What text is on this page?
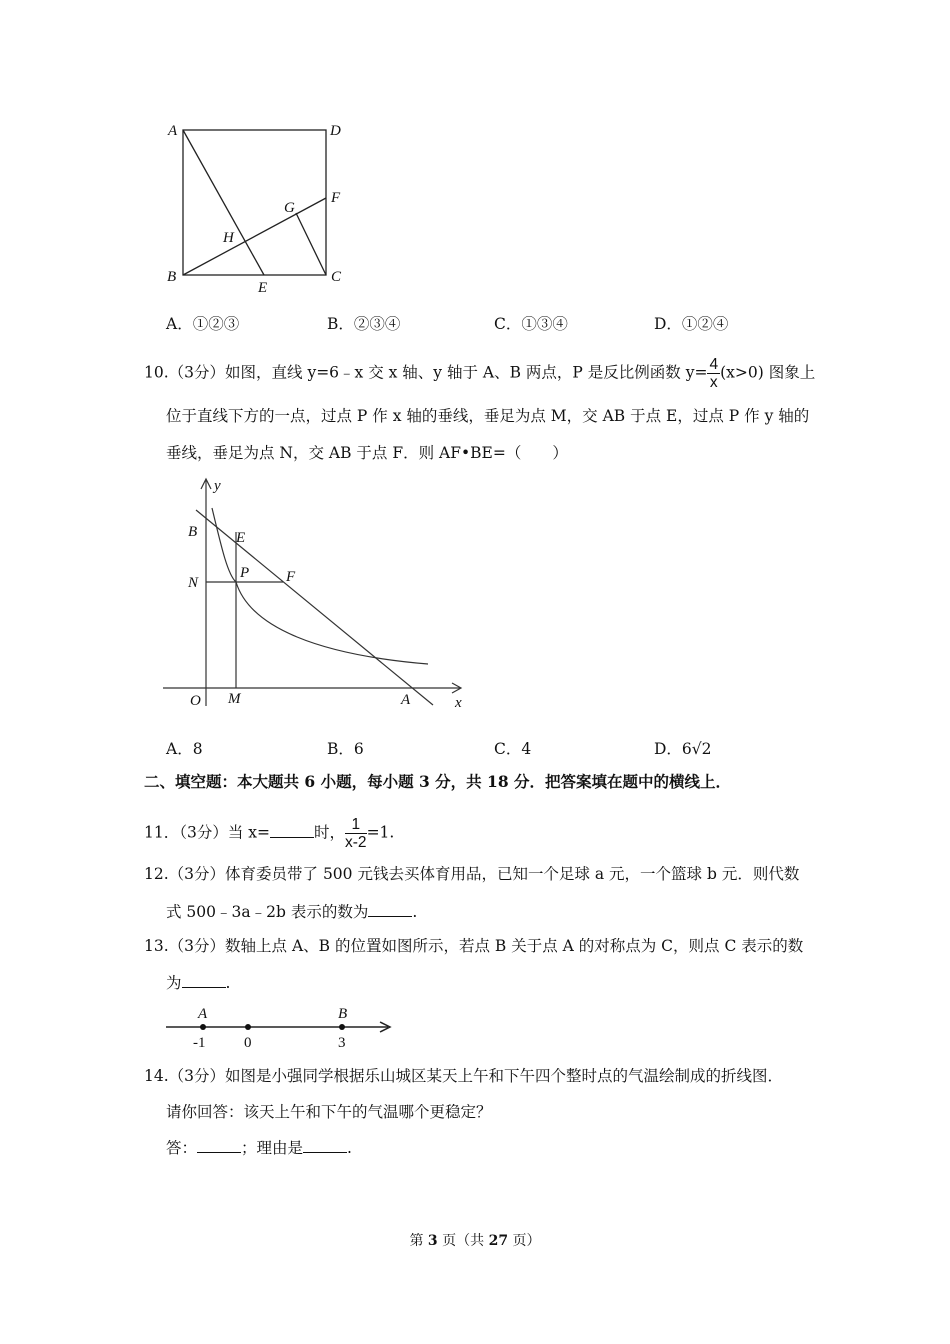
A	D
B	C
E
F
G
H
y
B	E
N
P F
O M	A	x
A	B
-1	0	3
A．①②③	B．②③④	C．①③④	D．①②④
10.（3分）如图，直线 y=6﹣x 交 x 轴、y 轴于 A、B 两点，P 是反比例函数 $y= \frac{4}{x} (x>0)$ 图象上
位于直线下方的一点，过点 P 作 x 轴的垂线，垂足为点 M，交 AB 于点 E，过点 P 作 y 轴的
垂线，垂足为点 N，交 AB 于点 F．则 AF•BE=（　　）
A．8	B．6	C．4	D．6√2
二、填空题：本大题共 6 小题，每小题 3 分，共 18 分．把答案填在题中的横线上．
11．（3分）当 x=	时， $\frac{1}{x-2} =1$.
12.（3分）体育委员带了 500 元钱去买体育用品，已知一个足球 a 元，一个篮球 b 元．则代数
式 500﹣3a﹣2b 表示的数为	.
13.（3分）数轴上点 A、B 的位置如图所示，若点 B 关于点 A 的对称点为 C，则点 C 表示的数
为	.
14.（3分）如图是小强同学根据乐山城区某天上午和下午四个整时点的气温绘制成的折线图．
请你回答：该天上午和下午的气温哪个更稳定？
答：	；理由是	.
第 3 页（共 27 页）
